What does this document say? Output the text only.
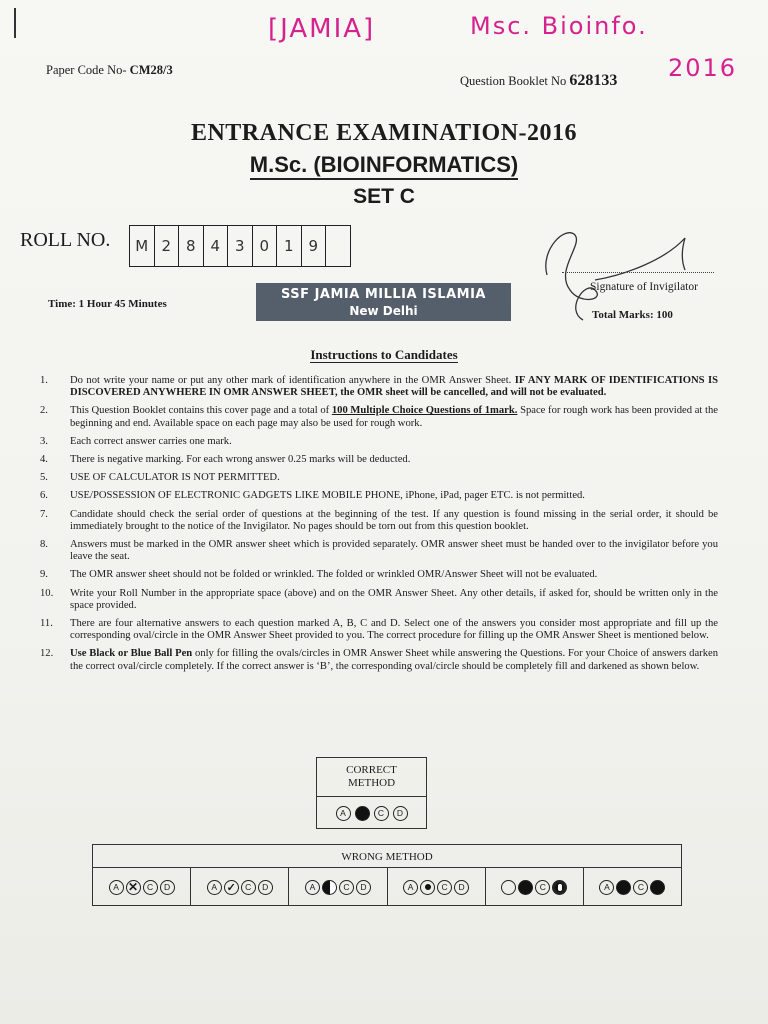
[JAMIA]	Msc. Bioinfo.
2016
Paper Code No- CM28/3
Question Booklet No 628133
ENTRANCE EXAMINATION-2016
M.Sc. (BIOINFORMATICS)
SET C
ROLL NO.	M 2 8 4 3 0 1 9
Signature of Invigilator
Time: 1 Hour 45 Minutes
SSF JAMIA MILLIA ISLAMIA
New Delhi	Total Marks: 100
Instructions to Candidates
1.	Do not write your name or put any other mark of identification anywhere in the OMR Answer Sheet. IF ANY MARK OF IDENTIFICATIONS IS DISCOVERED ANYWHERE IN OMR ANSWER SHEET, the OMR sheet will be cancelled, and will not be evaluated.
2.	This Question Booklet contains this cover page and a total of 100 Multiple Choice Questions of 1mark. Space for rough work has been provided at the beginning and end. Available space on each page may also be used for rough work.
3.	Each correct answer carries one mark.
4.	There is negative marking. For each wrong answer 0.25 marks will be deducted.
5.	USE OF CALCULATOR IS NOT PERMITTED.
6.	USE/POSSESSION OF ELECTRONIC GADGETS LIKE MOBILE PHONE, iPhone, iPad, pager ETC. is not permitted.
7.	Candidate should check the serial order of questions at the beginning of the test. If any question is found missing in the serial order, it should be immediately brought to the notice of the Invigilator. No pages should be torn out from this question booklet.
8.	Answers must be marked in the OMR answer sheet which is provided separately. OMR answer sheet must be handed over to the invigilator before you leave the seat.
9.	The OMR answer sheet should not be folded or wrinkled. The folded or wrinkled OMR/Answer Sheet will not be evaluated.
10.	Write your Roll Number in the appropriate space (above) and on the OMR Answer Sheet. Any other details, if asked for, should be written only in the space provided.
11.	There are four alternative answers to each question marked A, B, C and D. Select one of the answers you consider most appropriate and fill up the corresponding oval/circle in the OMR Answer Sheet provided to you. The correct procedure for filling up the OMR Answer Sheet is mentioned below.
12.	Use Black or Blue Ball Pen only for filling the ovals/circles in OMR Answer Sheet while answering the Questions. For your Choice of answers darken the correct oval/circle completely. If the correct answer is ‘B’, the corresponding oval/circle should be completely fill and darkened as shown below.
CORRECT
METHOD
A	C	D
WRONG METHOD
A ✕	C	D	A ✓	C	D	A	C	D	A	C	D	C	A	C
